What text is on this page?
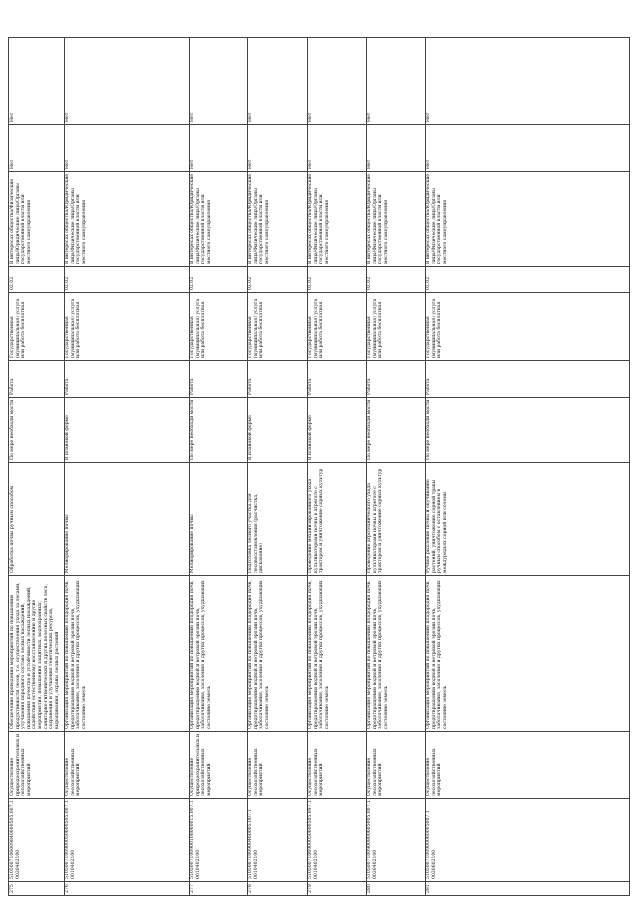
Нет
Нет
В интересах общества/Физические лица/Юридические лица/Органы государственной власти или местного самоуправления
02.02
Государственная (муниципальная) услуга или работа бесплатная
Работа
По мере необходи мости
Обработка почвы ручным способом
Обеспечение проведения мероприятий по повышению продуктивности лесов, т.е. осуществления ухода за лесами, улучшения породного состава лесных насаждений, повышения качества и устойчивости лесных насаждений, содействия естественному восстановлению и другие мероприятия, повышения защитных, водоохранных, санитарно-гигиенических и других полезных свойств леса, сохранения и улучшения генетических ресурсов, выращивания, охраны лесных растений
Осуществление природоохранительных и лесохозяйственных мероприятий
5105007106009840600505.007.1 0020402100
275
Нет
Нет
В интересах общества/Юридические лица/Физические лица/Органы государственной власти или местного самоуправления
02.02
Государственная (муниципальная) услуга или работа бесплатная
Работа
В плановой форме
Мелиорирование почвы
Организация мероприятий по повышению плодородия почв, предотвращению водной и ветровой эрозии почв, заболачивания, засоления и других процессов, ухудшающих состояние земель
Осуществление лесохозяйственных мероприятий
5105007100900050600505.007.1 0010402100
276
Нет
Нет
В интересах общества/Юридические лица/Физические лица/Органы государственной власти или местного самоуправления
02.02
Государственная (муниципальная) услуга или работа бесплатная
Работа
По мере необходи мости
Мелиорирование почвы
Организация мероприятий по повышению плодородия почв, предотвращению водной и ветровой эрозии почв, заболачивания, засоления и других процессов, ухудшающих состояние земель
Осуществление природоохранительных и лесохозяйственных мероприятий
5105007100900108060015.007.1 0010402100
277
Нет
Нет
В интересах общества/Юридические лица/Физические лица/Органы государственной власти или местного самоуправления
02.02
Государственная (муниципальная) услуга или работа бесплатная
Работа
В плановой форме
Подготовка лесного участка для лесовосстановления (расчистка, дискование)
Организация мероприятий по повышению плодородия почв, предотвращению водной и ветровой эрозии почв, заболачивания, засоления и других процессов, ухудшающих состояние земель
Осуществление лесохозяйственных мероприятий
5105007100900460005.007.1 0010402100
278
Нет
Нет
В интересах общества/Юридические лица/Физические лица/Органы государственной власти или местного самоуправления
02.02
Государственная (муниципальная) услуга или работа бесплатная
Работа
В плановой форме
Проведение механизированного ухода культиваторами почвы в агрегате с трактором и уничтожение сорных культур
Организация мероприятий по повышению плодородия почв, предотвращению водной и ветровой эрозии почв, заболачивания, засоления и других процессов, ухудшающих состояние земель
Осуществление лесохозяйственных мероприятий
5105007106900050600505.097.1 0010402100
279
Нет
Нет
В интересах общества/Юридические лица/Физические лица/Органы государственной власти или местного самоуправления
02.02
Государственная (муниципальная) услуга или работа бесплатная
Работа
По мере необходи мости
Проведение агротехнического ухода культиваторами почвы в агрегате с трактором и уничтожение сорных культур
Организация мероприятий по повышению плодородия почв, предотвращению водной и ветровой эрозии почв, заболачивания, засоления и других процессов, ухудшающих состояние земель
Осуществление лесохозяйственных мероприятий
5105007100900800605005.007.1 0020402100
280
Нет
Нет
В интересах общества/Юридические лица/Физические лица/Органы государственной власти или местного самоуправления
02.02
Государственная (муниципальная) услуга или работа бесплатная
Работа
По мере необходи мости
Ручное рыхление почвы и окучивание растений, уничтожение сорной травы ручным способом с оставлением в междурядьях сорной или соломы
Организация мероприятий по повышению плодородия почв, предотвращению водной и ветровой эрозии почв, заболачивания, засоления и других процессов, ухудшающих состояние земель
Осуществление лесохозяйственных мероприятий
5105007100900060005007.1 0020602100
281
